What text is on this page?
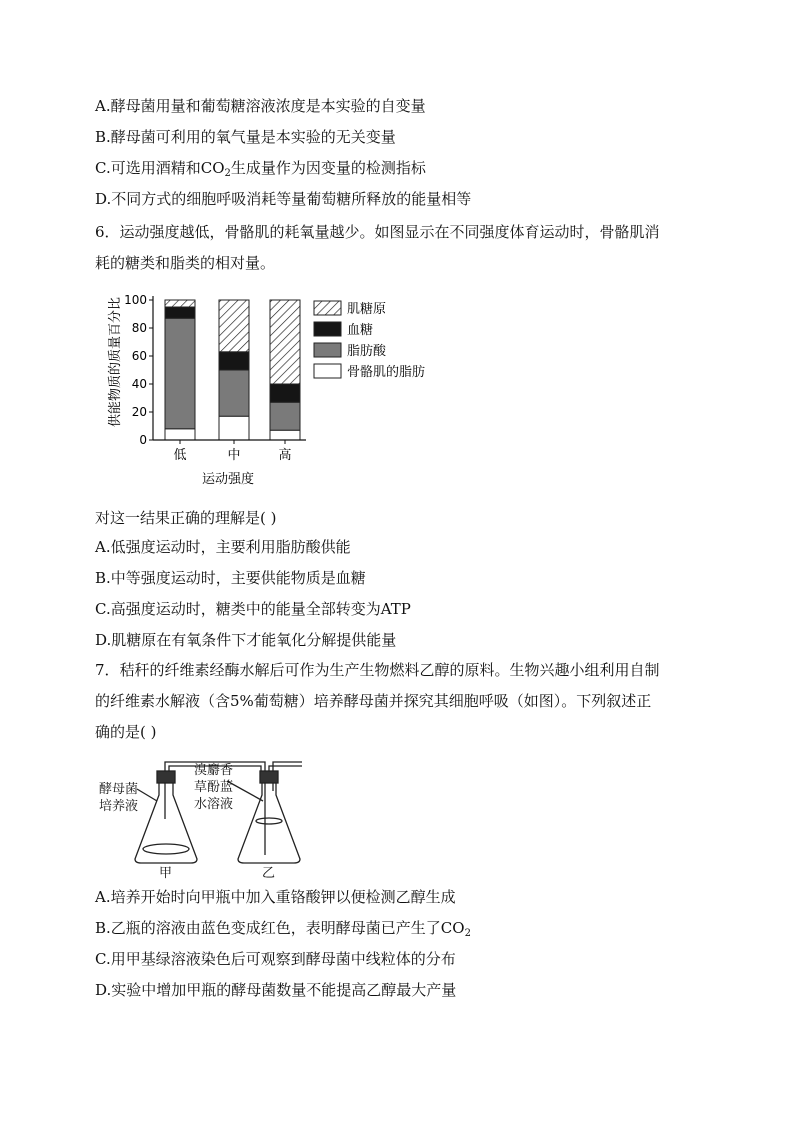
A.酵母菌用量和葡萄糖溶液浓度是本实验的自变量
B.酵母菌可利用的氧气量是本实验的无关变量
C.可选用酒精和$CO_2$生成量作为因变量的检测指标
D.不同方式的细胞呼吸消耗等量葡萄糖所释放的能量相等
6．运动强度越低，骨骼肌的耗氧量越少。如图显示在不同强度体育运动时，骨骼肌消
耗的糖类和脂类的相对量。
0
20
40
60
80
100
低	中	高
肌糖原
血糖
脂肪酸
骨骼肌的脂肪
供能物质的质量百分比
运动强度
对这一结果正确的理解是( )
A.低强度运动时，主要利用脂肪酸供能
B.中等强度运动时，主要供能物质是血糖
C.高强度运动时，糖类中的能量全部转变为ATP
D.肌糖原在有氧条件下才能氧化分解提供能量
7．秸秆的纤维素经酶水解后可作为生产生物燃料乙醇的原料。生物兴趣小组利用自制
的纤维素水解液（含5%葡萄糖）培养酵母菌并探究其细胞呼吸（如图）。下列叙述正
确的是( )
酵母菌
培养液
溴麝香
草酚蓝
水溶液
甲	乙
A.培养开始时向甲瓶中加入重铬酸钾以便检测乙醇生成
B.乙瓶的溶液由蓝色变成红色，表明酵母菌已产生了$CO_2$
C.用甲基绿溶液染色后可观察到酵母菌中线粒体的分布
D.实验中增加甲瓶的酵母菌数量不能提高乙醇最大产量
